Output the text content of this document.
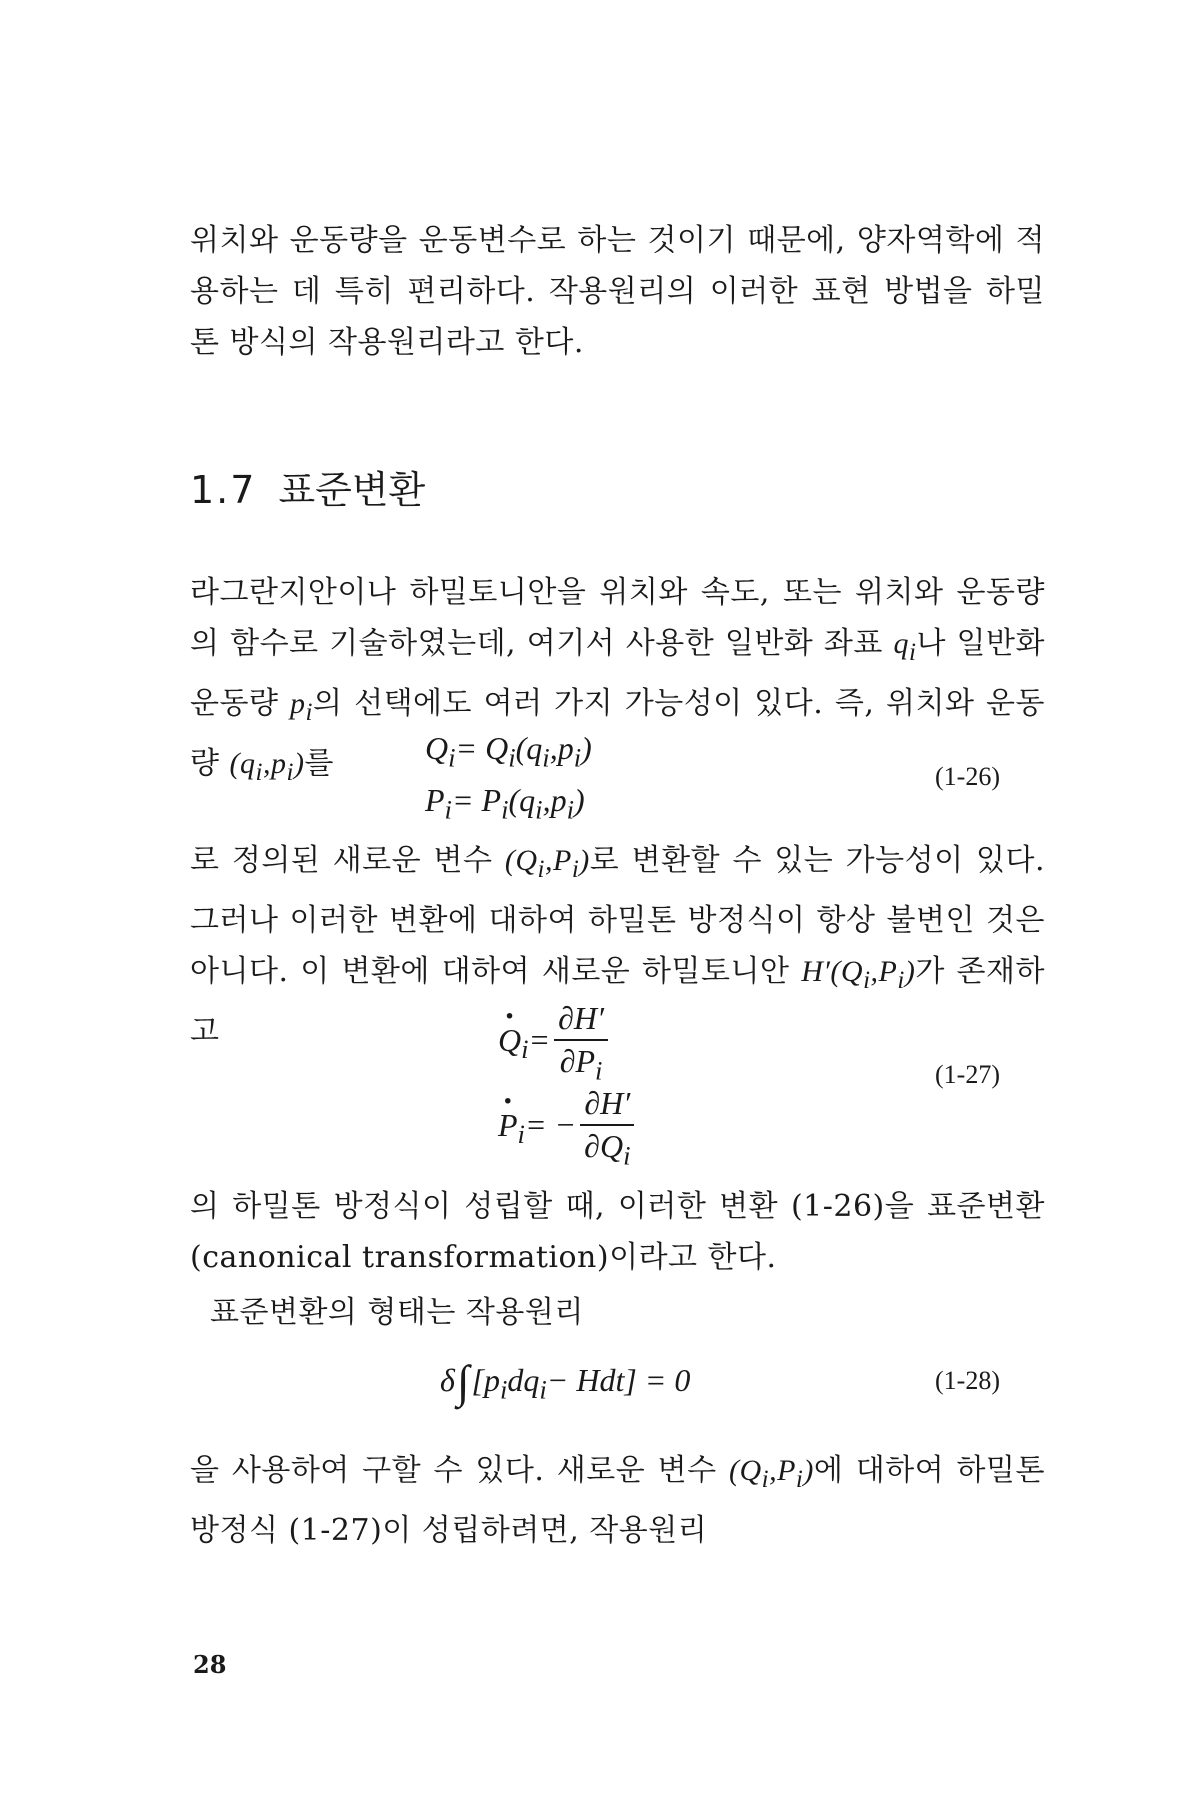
위치와 운동량을 운동변수로 하는 것이기 때문에, 양자역학에 적용하는 데 특히 편리하다. 작용원리의 이러한 표현 방법을 하밀톤 방식의 작용원리라고 한다.

1.7 표준변환

라그란지안이나 하밀토니안을 위치와 속도, 또는 위치와 운동량의 함수로 기술하였는데, 여기서 사용한 일반화 좌표 $q_i$나 일반화 운동량 $p_i$의 선택에도 여러 가지 가능성이 있다. 즉, 위치와 운동량 $(q_i,p_i)$를	$Q_i= Q_i(q_i,p_i)$
$P_i= P_i(q_i,p_i)$
(1-26)

로 정의된 새로운 변수 $(Q_i,P_i)$로 변환할 수 있는 가능성이 있다. 그러나 이러한 변환에 대하여 하밀톤 방정식이 항상 불변인 것은 아니다. 이 변환에 대하여 새로운 하밀토니안 $H'(Q_i,P_i)$가 존재하고

·	$Q_i= \frac{\partial H'}{\partial P_i}$
· $P_i= - \frac{\partial H'}{\partial Q_i}$
(1-27)

의 하밀톤 방정식이 성립할 때, 이러한 변환 (1-26)을 표준변환(canonical transformation)이라고 한다.

표준변환의 형태는 작용원리

$\delta\int[p_idq_i- Hdt] = 0$	(1-28)

을 사용하여 구할 수 있다. 새로운 변수 $(Q_i,P_i)$에 대하여 하밀톤 방정식 (1-27)이 성립하려면, 작용원리

28
